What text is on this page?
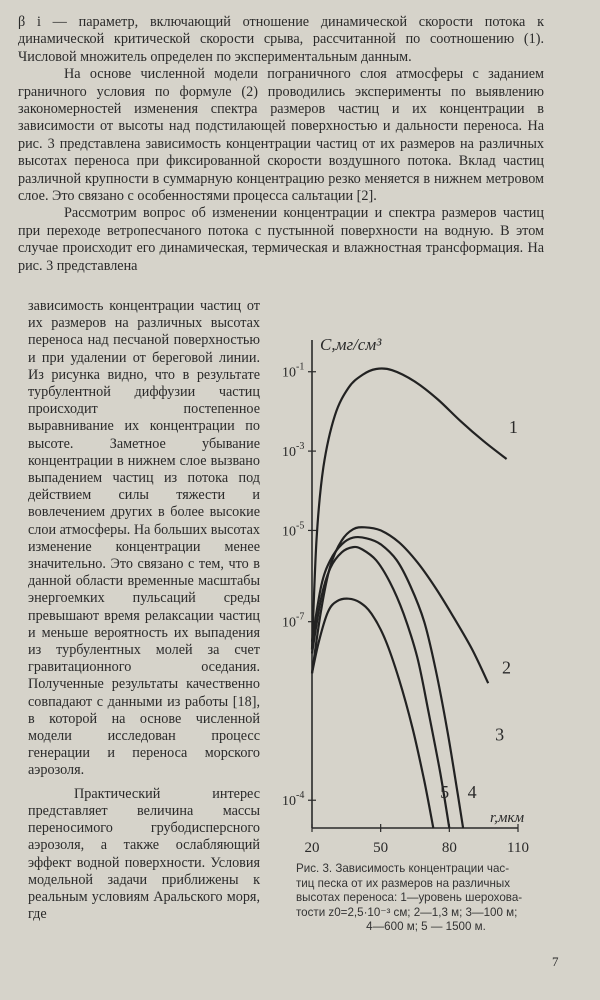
β i — параметр, включающий отношение динамической скорости потока к динамической критической скорости срыва, рассчитанной по соотношению (1). Числовой множитель определен по экспериментальным данным.

На основе численной модели пограничного слоя атмосферы с заданием граничного условия по формуле (2) проводились эксперименты по выявлению закономерностей изменения спектра размеров частиц и их концентрации в зависимости от высоты над подстилающей поверхностью и дальности переноса. На рис. 3 представлена зависимость концентрации частиц от их размеров на различных высотах переноса при фиксированной скорости воздушного потока. Вклад частиц различной крупности в суммарную концентрацию резко меняется в нижнем метровом слое. Это связано с особенностями процесса сальтации [2].

Рассмотрим вопрос об изменении концентрации и спектра размеров частиц при переходе ветропесчаного потока с пустынной поверхности на водную. В этом случае происходит его динамическая, термическая и влажностная трансформация. На рис. 3 представлена

зависимость концентрации частиц от их размеров на различных высотах переноса над песчаной поверхностью и при удалении от береговой линии. Из рисунка видно, что в результате турбулентной диффузии частиц происходит постепенное выравнивание их концентрации по высоте. Заметное убывание концентрации в нижнем слое вызвано выпадением частиц из потока под действием силы тяжести и вовлечением других в более высокие слои атмосферы. На больших высотах изменение концентрации менее значительно. Это связано с тем, что в данной области временные масштабы энергоемких пульсаций среды превышают время релаксации частиц и меньше вероятность их выпадения из турбулентных молей за счет гравитационного оседания. Полученные результаты качественно совпадают с данными из работы [18], в которой на основе численной модели исследован процесс генерации и переноса морского аэрозоля.

Практический интерес представляет величина массы переносимого грубодисперсного аэрозоля, а также ослабляющий эффект водной поверхности. Условия модельной задачи приближены к реальным условиям Аральского моря, где

$10^{-1}$
$10^{-3}$
$10^{-5}$
$10^{-7}$
$10^{-4}$
20	50	80	110
С,мг/см³
r,мкм
1
2
3
4
5
Рис. 3. Зависимость концентрации час-
тиц песка от их размеров на различных
высотах переноса: 1—уровень шерохова-
тости z0=2,5·10⁻³ см; 2—1,3 м; 3—100 м;
4—600 м; 5 — 1500 м.
7
